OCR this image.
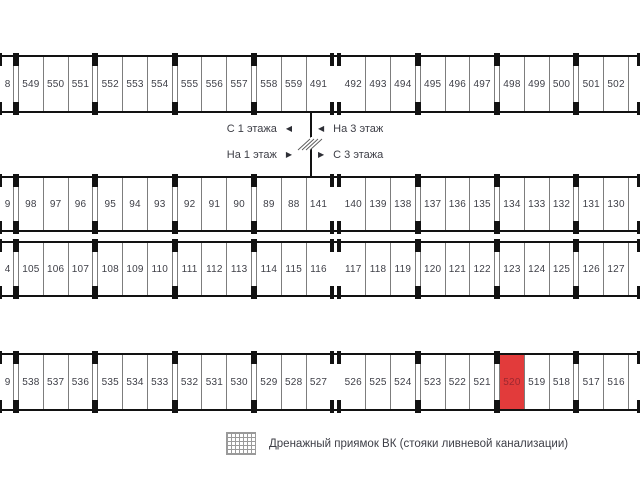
8	549 550 551	552 553 554	555 556 557	558 559 491	492 493 494	495 496 497	498 499 500	501 502
9	98	97	96	95	94	93	92	91	90	89	88	141	140 139 138	137 136 135	134 133 132	131 130
4	105 106 107	108 109 110	111 112 113	114 115 116	117 118 119	120 121 122	123 124 125	126 127
9	538 537 536	535 534 533	532 531 530	529 528 527	526 525 524	523 522 521	520 519 518	517 516
С 1 этажа ◀	◀ На 3 этаж
На 1 этаж ▶	▶ С 3 этажа
Дренажный приямок ВК (стояки ливневой канализации)
